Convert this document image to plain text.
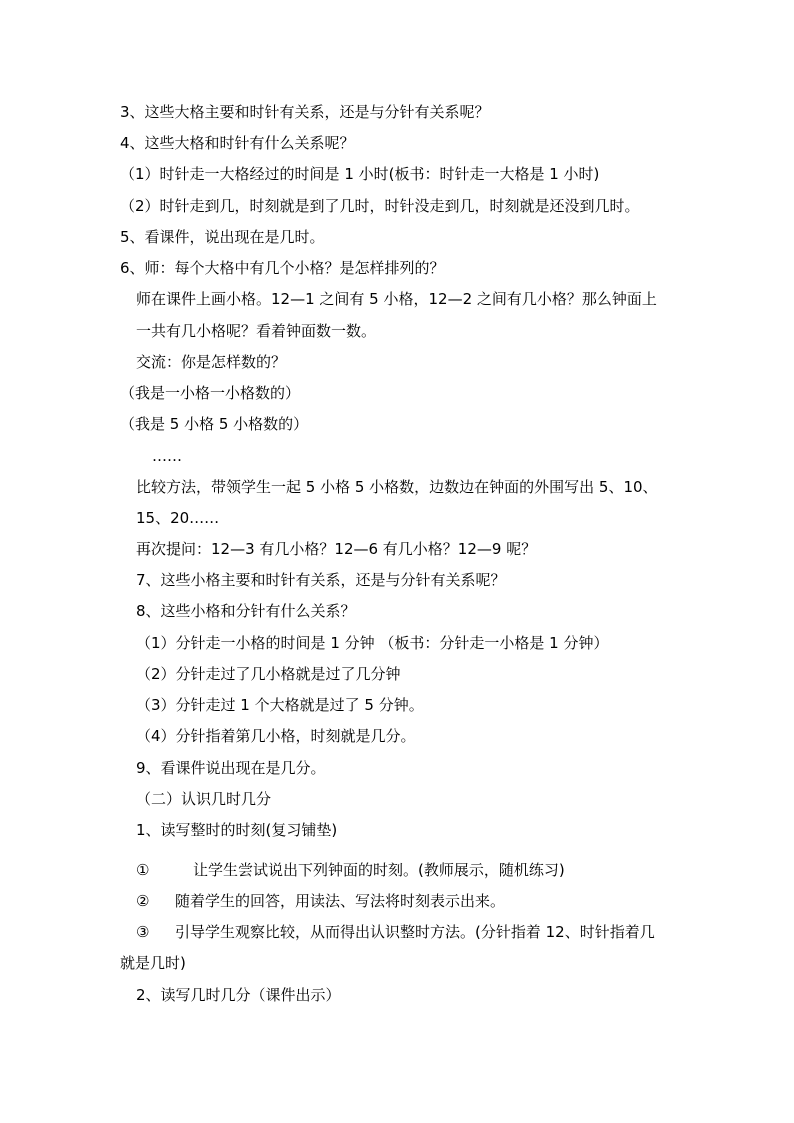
3、这些大格主要和时针有关系，还是与分针有关系呢？
4、这些大格和时针有什么关系呢？
（1）时针走一大格经过的时间是 1 小时(板书：时针走一大格是 1 小时)
（2）时针走到几，时刻就是到了几时，时针没走到几，时刻就是还没到几时。
5、看课件，说出现在是几时。
6、师：每个大格中有几个小格？是怎样排列的？
师在课件上画小格。12—1 之间有 5 小格，12—2 之间有几小格？那么钟面上
一共有几小格呢？看着钟面数一数。
交流：你是怎样数的？
（我是一小格一小格数的）
（我是 5 小格 5 小格数的）
……
比较方法，带领学生一起 5 小格 5 小格数，边数边在钟面的外围写出 5、10、
15、20……
再次提问：12—3 有几小格？12—6 有几小格？12—9 呢？
7、这些小格主要和时针有关系，还是与分针有关系呢？
8、这些小格和分针有什么关系？
（1）分针走一小格的时间是 1 分钟 （板书：分针走一小格是 1 分钟）
（2）分针走过了几小格就是过了几分钟
（3）分针走过 1 个大格就是过了 5 分钟。
（4）分针指着第几小格，时刻就是几分。
9、看课件说出现在是几分。
（二）认识几时几分
1、读写整时的时刻(复习铺垫)
①	让学生尝试说出下列钟面的时刻。(教师展示，随机练习)
② 随着学生的回答，用读法、写法将时刻表示出来。
③ 引导学生观察比较，从而得出认识整时方法。(分针指着 12、时针指着几
就是几时)
2、读写几时几分（课件出示）
